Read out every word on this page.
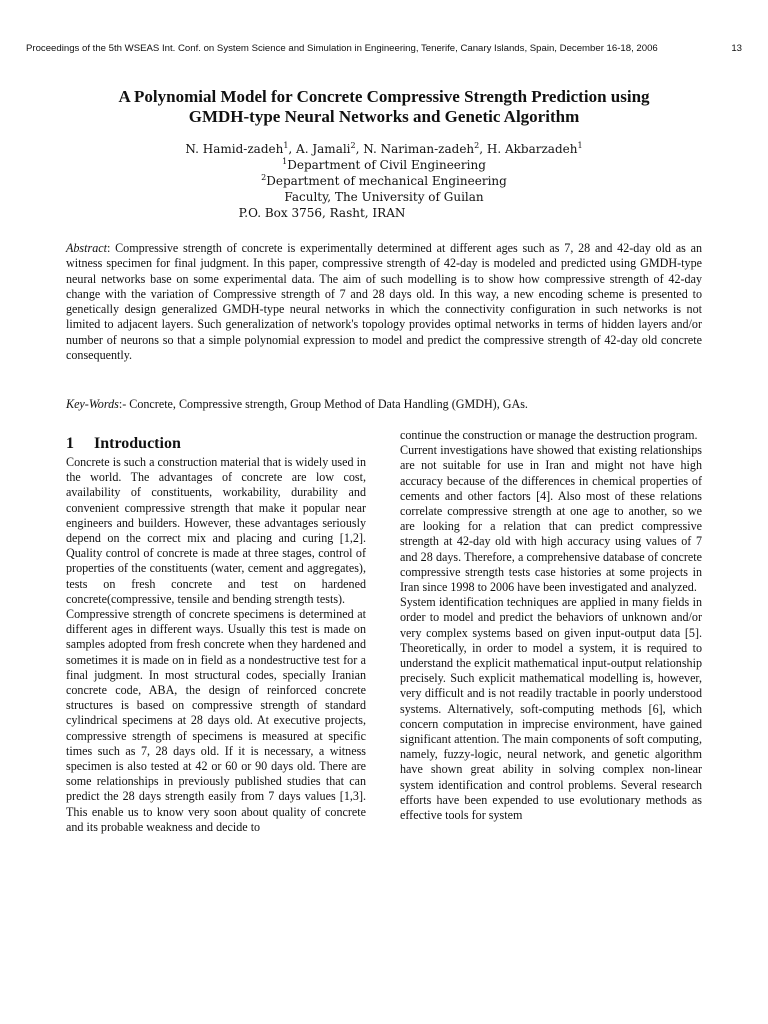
Proceedings of the 5th WSEAS Int. Conf. on System Science and Simulation in Engineering, Tenerife, Canary Islands, Spain, December 16-18, 2006	13
A Polynomial Model for Concrete Compressive Strength Prediction using
GMDH-type Neural Networks and Genetic Algorithm
N. Hamid-zadeh$^1$, A. Jamali$^2$, N. Nariman-zadeh$^2$, H. Akbarzadeh$^1$
$^1$Department of Civil Engineering
$^2$Department of mechanical Engineering
Faculty, The University of Guilan
P.O. Box 3756, Rasht, IRAN
Abstract: Compressive strength of concrete is experimentally determined at different ages such as 7, 28 and 42-day old as an witness specimen for final judgment. In this paper, compressive strength of 42-day is modeled and predicted using GMDH-type neural networks base on some experimental data. The aim of such modelling is to show how compressive strength of 42-day change with the variation of Compressive strength of 7 and 28 days old. In this way, a new encoding scheme is presented to genetically design generalized GMDH-type neural networks in which the connectivity configuration in such networks is not limited to adjacent layers. Such generalization of network's topology provides optimal networks in terms of hidden layers and/or number of neurons so that a simple polynomial expression to model and predict the compressive strength of 42-day old concrete consequently.
Key-Words:- Concrete, Compressive strength, Group Method of Data Handling (GMDH), GAs.
1 Introduction

Concrete is such a construction material that is widely used in the world. The advantages of concrete are low cost, availability of constituents, workability, durability and convenient compressive strength that make it popular near engineers and builders. However, these advantages seriously depend on the correct mix and placing and curing [1,2]. Quality control of concrete is made at three stages, control of properties of the constituents (water, cement and aggregates), tests on fresh concrete and test on hardened concrete(compressive, tensile and bending strength tests).

Compressive strength of concrete specimens is determined at different ages in different ways. Usually this test is made on samples adopted from fresh concrete when they hardened and sometimes it is made on in field as a nondestructive test for a final judgment. In most structural codes, specially Iranian concrete code, ABA, the design of reinforced concrete structures is based on compressive strength of standard cylindrical specimens at 28 days old. At executive projects, compressive strength of specimens is measured at specific times such as 7, 28 days old. If it is necessary, a witness specimen is also tested at 42 or 60 or 90 days old. There are some relationships in previously published studies that can predict the 28 days strength easily from 7 days values [1,3]. This enable us to know very soon about quality of concrete and its probable weakness and decide to

continue the construction or manage the destruction program.

Current investigations have showed that existing relationships are not suitable for use in Iran and might not have high accuracy because of the differences in chemical properties of cements and other factors [4]. Also most of these relations correlate compressive strength at one age to another, so we are looking for a relation that can predict compressive strength at 42-day old with high accuracy using values of 7 and 28 days. Therefore, a comprehensive database of concrete compressive strength tests case histories at some projects in Iran since 1998 to 2006 have been investigated and analyzed.

System identification techniques are applied in many fields in order to model and predict the behaviors of unknown and/or very complex systems based on given input-output data [5]. Theoretically, in order to model a system, it is required to understand the explicit mathematical input-output relationship precisely. Such explicit mathematical modelling is, however, very difficult and is not readily tractable in poorly understood systems. Alternatively, soft-computing methods [6], which concern computation in imprecise environment, have gained significant attention. The main components of soft computing, namely, fuzzy-logic, neural network, and genetic algorithm have shown great ability in solving complex non-linear system identification and control problems. Several research efforts have been expended to use evolutionary methods as effective tools for system
